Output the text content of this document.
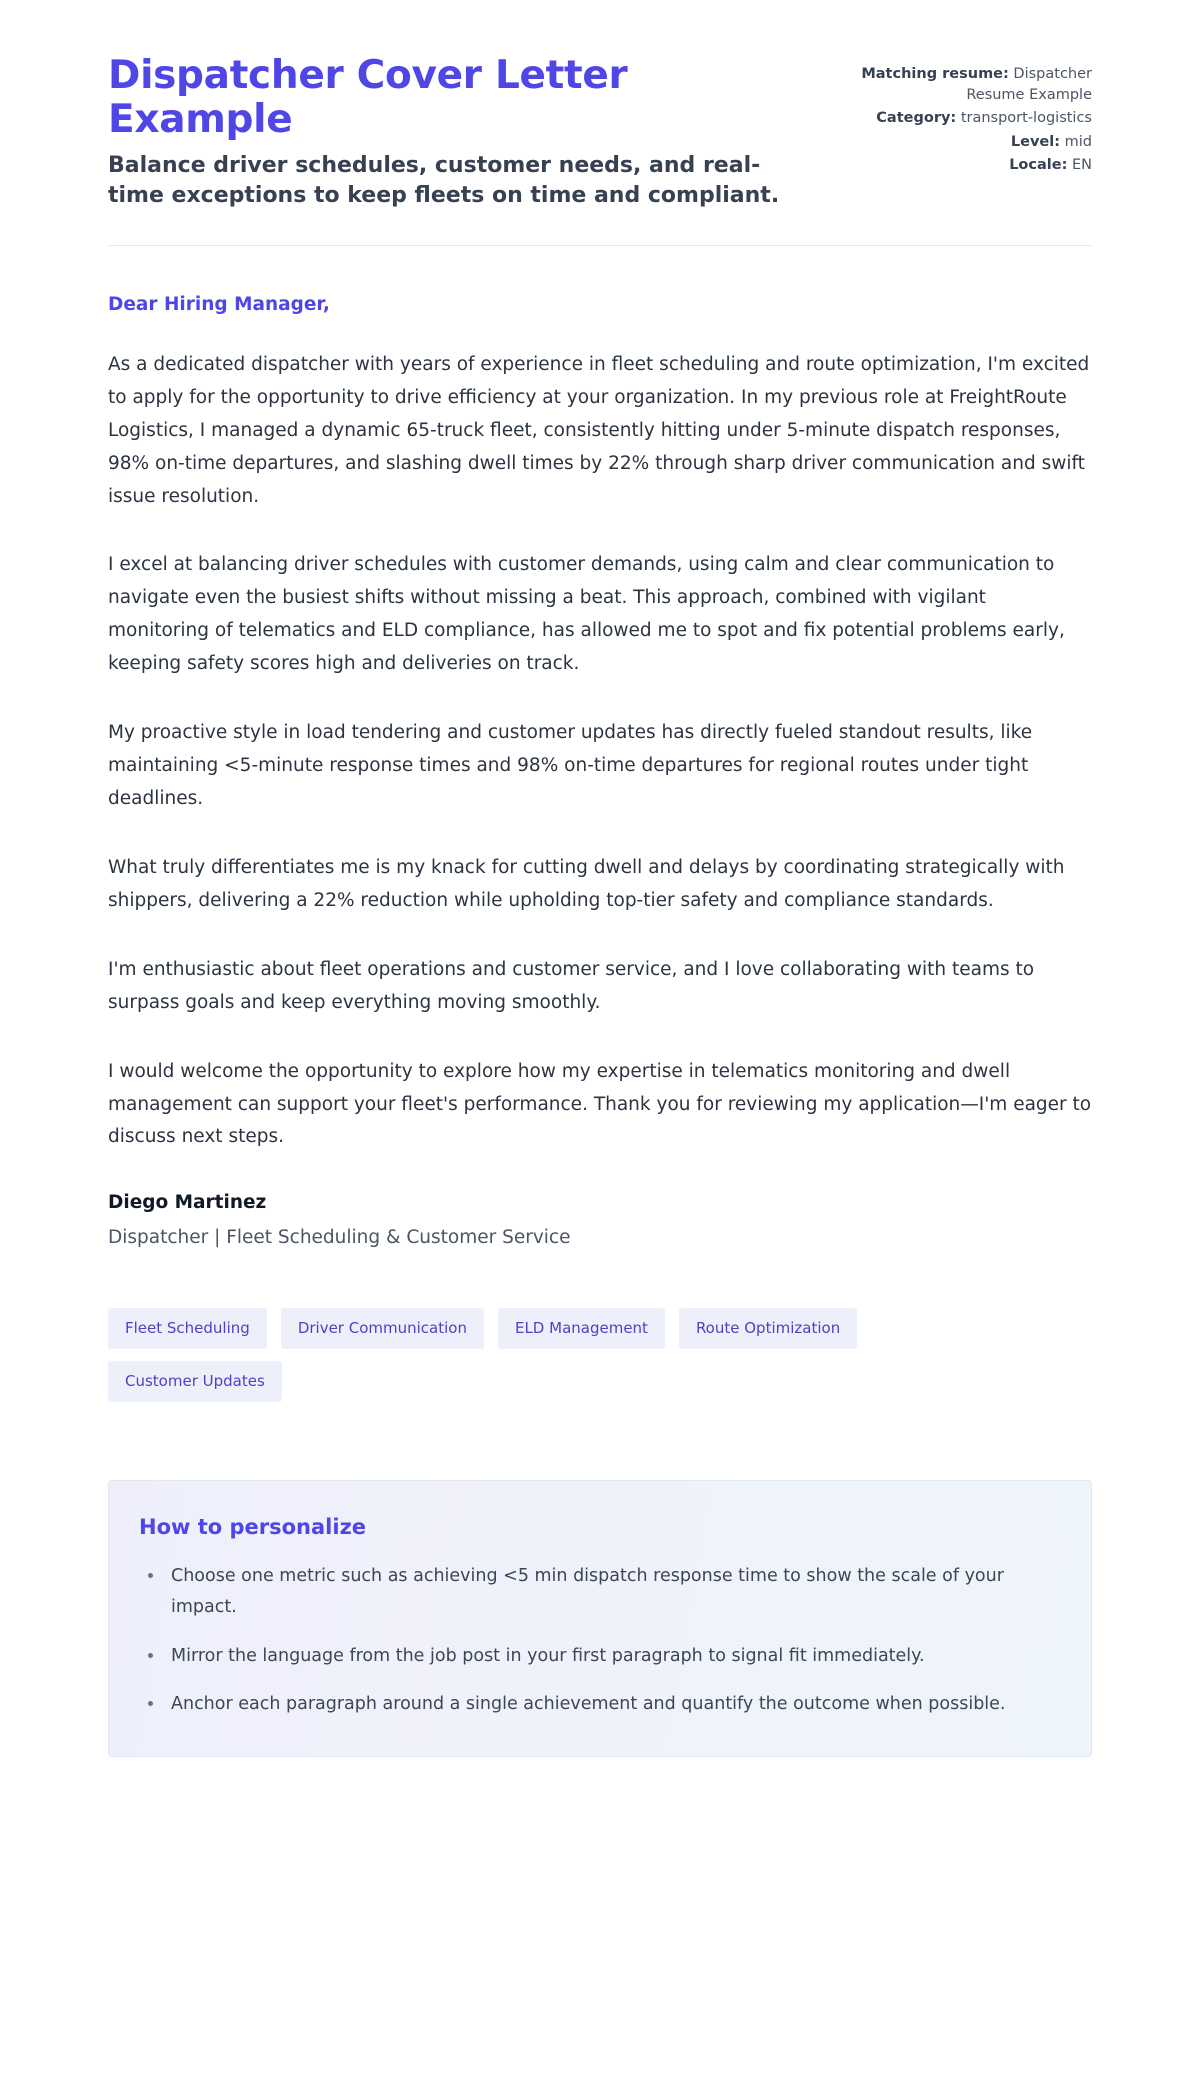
Dispatcher Cover Letter Example

Balance driver schedules, customer needs, and real-time exceptions to keep fleets on time and compliant.

Matching resume: Dispatcher Resume Example
Category: transport-logistics
Level: mid
Locale: EN

Dear Hiring Manager,

As a dedicated dispatcher with years of experience in fleet scheduling and route optimization, I'm excited to apply for the opportunity to drive efficiency at your organization. In my previous role at FreightRoute Logistics, I managed a dynamic 65-truck fleet, consistently hitting under 5-minute dispatch responses, 98% on-time departures, and slashing dwell times by 22% through sharp driver communication and swift issue resolution.

I excel at balancing driver schedules with customer demands, using calm and clear communication to navigate even the busiest shifts without missing a beat. This approach, combined with vigilant monitoring of telematics and ELD compliance, has allowed me to spot and fix potential problems early, keeping safety scores high and deliveries on track.

My proactive style in load tendering and customer updates has directly fueled standout results, like maintaining <5-minute response times and 98% on-time departures for regional routes under tight deadlines.

What truly differentiates me is my knack for cutting dwell and delays by coordinating strategically with shippers, delivering a 22% reduction while upholding top-tier safety and compliance standards.

I'm enthusiastic about fleet operations and customer service, and I love collaborating with teams to surpass goals and keep everything moving smoothly.

I would welcome the opportunity to explore how my expertise in telematics monitoring and dwell management can support your fleet's performance. Thank you for reviewing my application—I'm eager to discuss next steps.

Diego Martinez

Dispatcher | Fleet Scheduling & Customer Service

Fleet Scheduling	Driver Communication	ELD Management	Route Optimization
Customer Updates
How to personalize
• Choose one metric such as achieving <5 min dispatch response time to show the scale of your impact.
• Mirror the language from the job post in your first paragraph to signal fit immediately.
• Anchor each paragraph around a single achievement and quantify the outcome when possible.
